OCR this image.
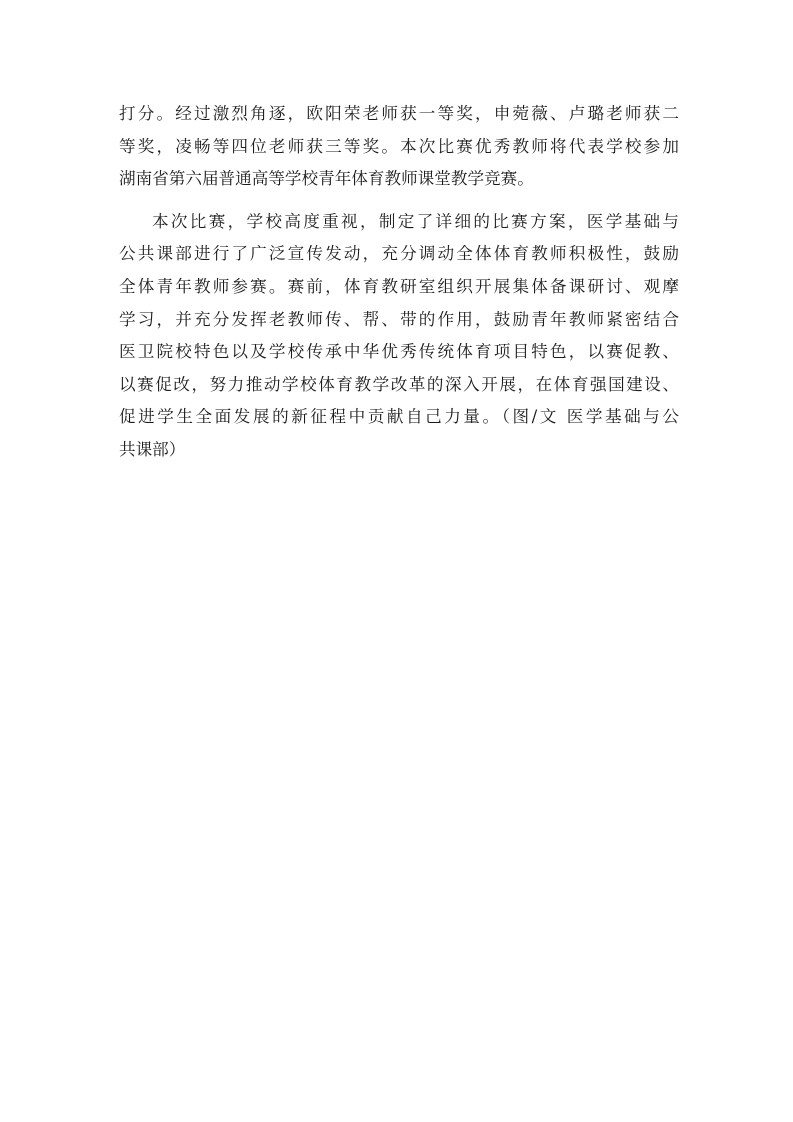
打分。经过激烈角逐，欧阳荣老师获一等奖，申菀薇、卢璐老师获二
等奖，凌畅等四位老师获三等奖。本次比赛优秀教师将代表学校参加
湖南省第六届普通高等学校青年体育教师课堂教学竞赛。

本次比赛，学校高度重视，制定了详细的比赛方案，医学基础与
公共课部进行了广泛宣传发动，充分调动全体体育教师积极性，鼓励
全体青年教师参赛。赛前，体育教研室组织开展集体备课研讨、观摩
学习，并充分发挥老教师传、帮、带的作用，鼓励青年教师紧密结合
医卫院校特色以及学校传承中华优秀传统体育项目特色，以赛促教、
以赛促改，努力推动学校体育教学改革的深入开展，在体育强国建设、
促进学生全面发展的新征程中贡献自己力量。（图/文 医学基础与公
共课部）
